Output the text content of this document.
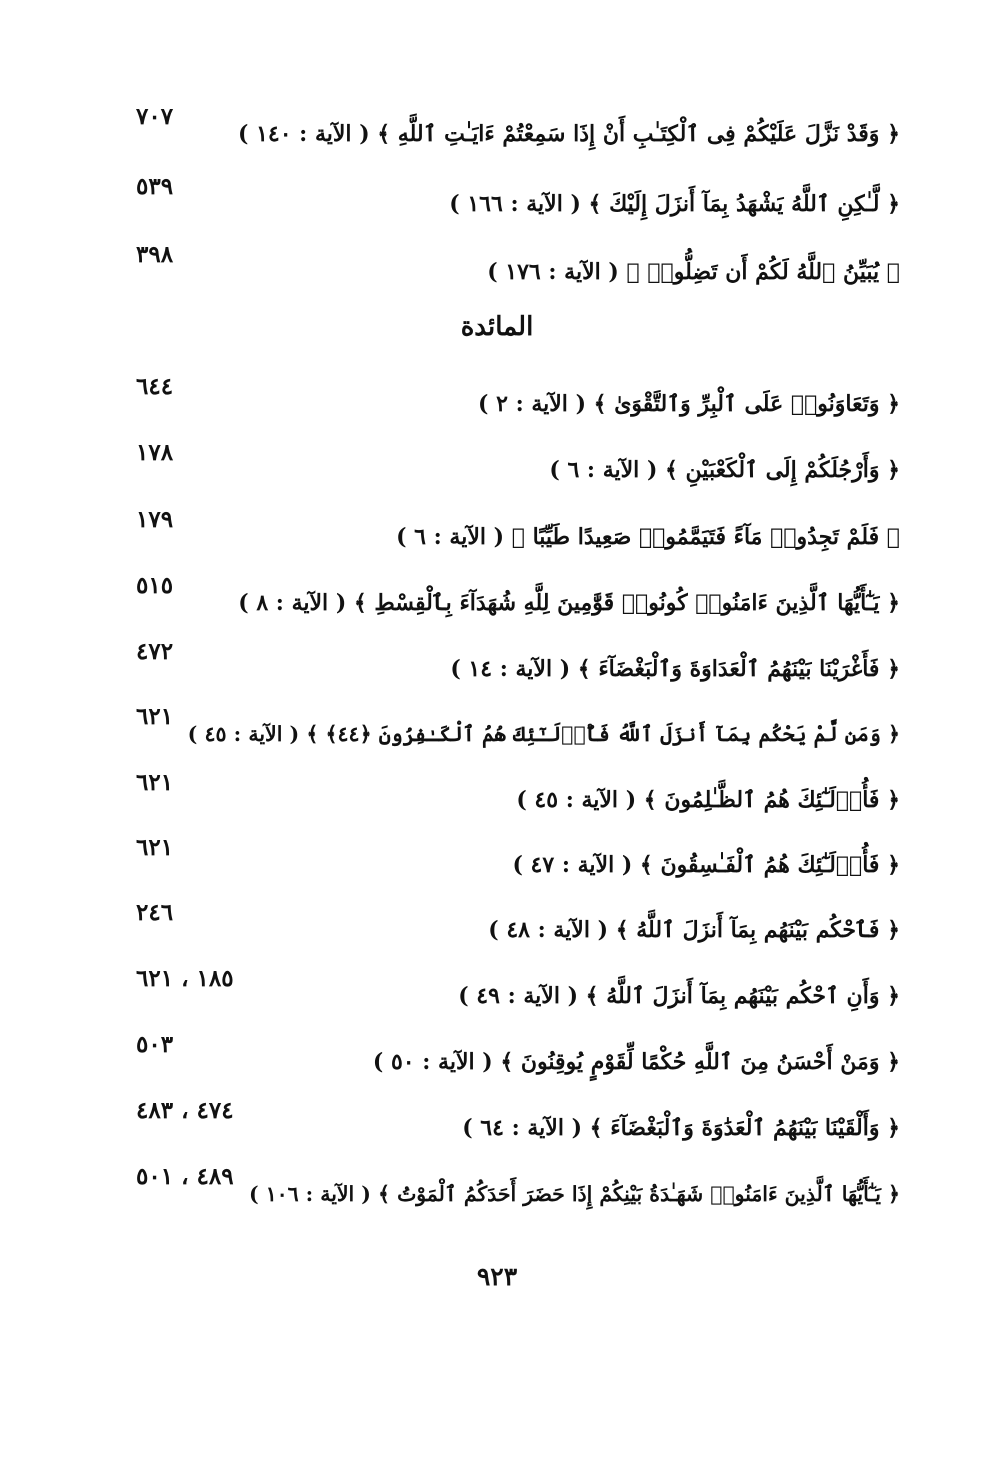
﴿ وَقَدْ نَزَّلَ عَلَيْكُمْ فِى ٱلْكِتَـٰبِ أَنْ إِذَا سَمِعْتُمْ ءَايَـٰتِ ٱللَّهِ ﴾ ( الآية : ١٤٠ )
٧٠٧
﴿ لَّـٰكِنِ ٱللَّهُ يَشْهَدُ بِمَآ أَنزَلَ إِلَيْكَ ﴾ ( الآية : ١٦٦ )
٥٣٩
﴿ يُبَيِّنُ ٱللَّهُ لَكُمْ أَن تَضِلُّوا۟ ﴾ ( الآية : ١٧٦ )
٣٩٨
المائدة
﴿ وَتَعَاوَنُوا۟ عَلَى ٱلْبِرِّ وَٱلتَّقْوَىٰ ﴾ ( الآية : ٢ )
٦٤٤
﴿ وَأَرْجُلَكُمْ إِلَى ٱلْكَعْبَيْنِ ﴾ ( الآية : ٦ )
١٧٨
﴿ فَلَمْ تَجِدُوا۟ مَآءً فَتَيَمَّمُوا۟ صَعِيدًا طَيِّبًا ﴾ ( الآية : ٦ )
١٧٩
﴿ يَـٰٓأَيُّهَا ٱلَّذِينَ ءَامَنُوا۟ كُونُوا۟ قَوَّٰمِينَ لِلَّهِ شُهَدَآءَ بِٱلْقِسْطِ ﴾ ( الآية : ٨ )
٥١٥
﴿ فَأَغْرَيْنَا بَيْنَهُمُ ٱلْعَدَاوَةَ وَٱلْبَغْضَآءَ ﴾ ( الآية : ١٤ )
٤٧٢
﴿ وَمَن لَّمْ يَحْكُم بِمَآ أَنزَلَ ٱللَّهُ فَأُو۟لَـٰٓئِكَ هُمُ ٱلْكَـٰفِرُونَ ﴿٤٤﴾ ﴾ ( الآية : ٤٥ )
٦٢١
﴿ فَأُو۟لَـٰٓئِكَ هُمُ ٱلظَّـٰلِمُونَ ﴾ ( الآية : ٤٥ )
٦٢١
﴿ فَأُو۟لَـٰٓئِكَ هُمُ ٱلْفَـٰسِقُونَ ﴾ ( الآية : ٤٧ )
٦٢١
﴿ فَٱحْكُم بَيْنَهُم بِمَآ أَنزَلَ ٱللَّهُ ﴾ ( الآية : ٤٨ )
٢٤٦
﴿ وَأَنِ ٱحْكُم بَيْنَهُم بِمَآ أَنزَلَ ٱللَّهُ ﴾ ( الآية : ٤٩ )
١٨٥ ، ٦٢١
﴿ وَمَنْ أَحْسَنُ مِنَ ٱللَّهِ حُكْمًا لِّقَوْمٍ يُوقِنُونَ ﴾ ( الآية : ٥٠ )
٥٠٣
﴿ وَأَلْقَيْنَا بَيْنَهُمُ ٱلْعَدَٰوَةَ وَٱلْبَغْضَآءَ ﴾ ( الآية : ٦٤ )
٤٧٤ ، ٤٨٣
﴿ يَـٰٓأَيُّهَا ٱلَّذِينَ ءَامَنُوا۟ شَهَـٰدَةُ بَيْنِكُمْ إِذَا حَضَرَ أَحَدَكُمُ ٱلْمَوْتُ ﴾ ( الآية : ١٠٦ )
٤٨٩ ، ٥٠١
٩٢٣
